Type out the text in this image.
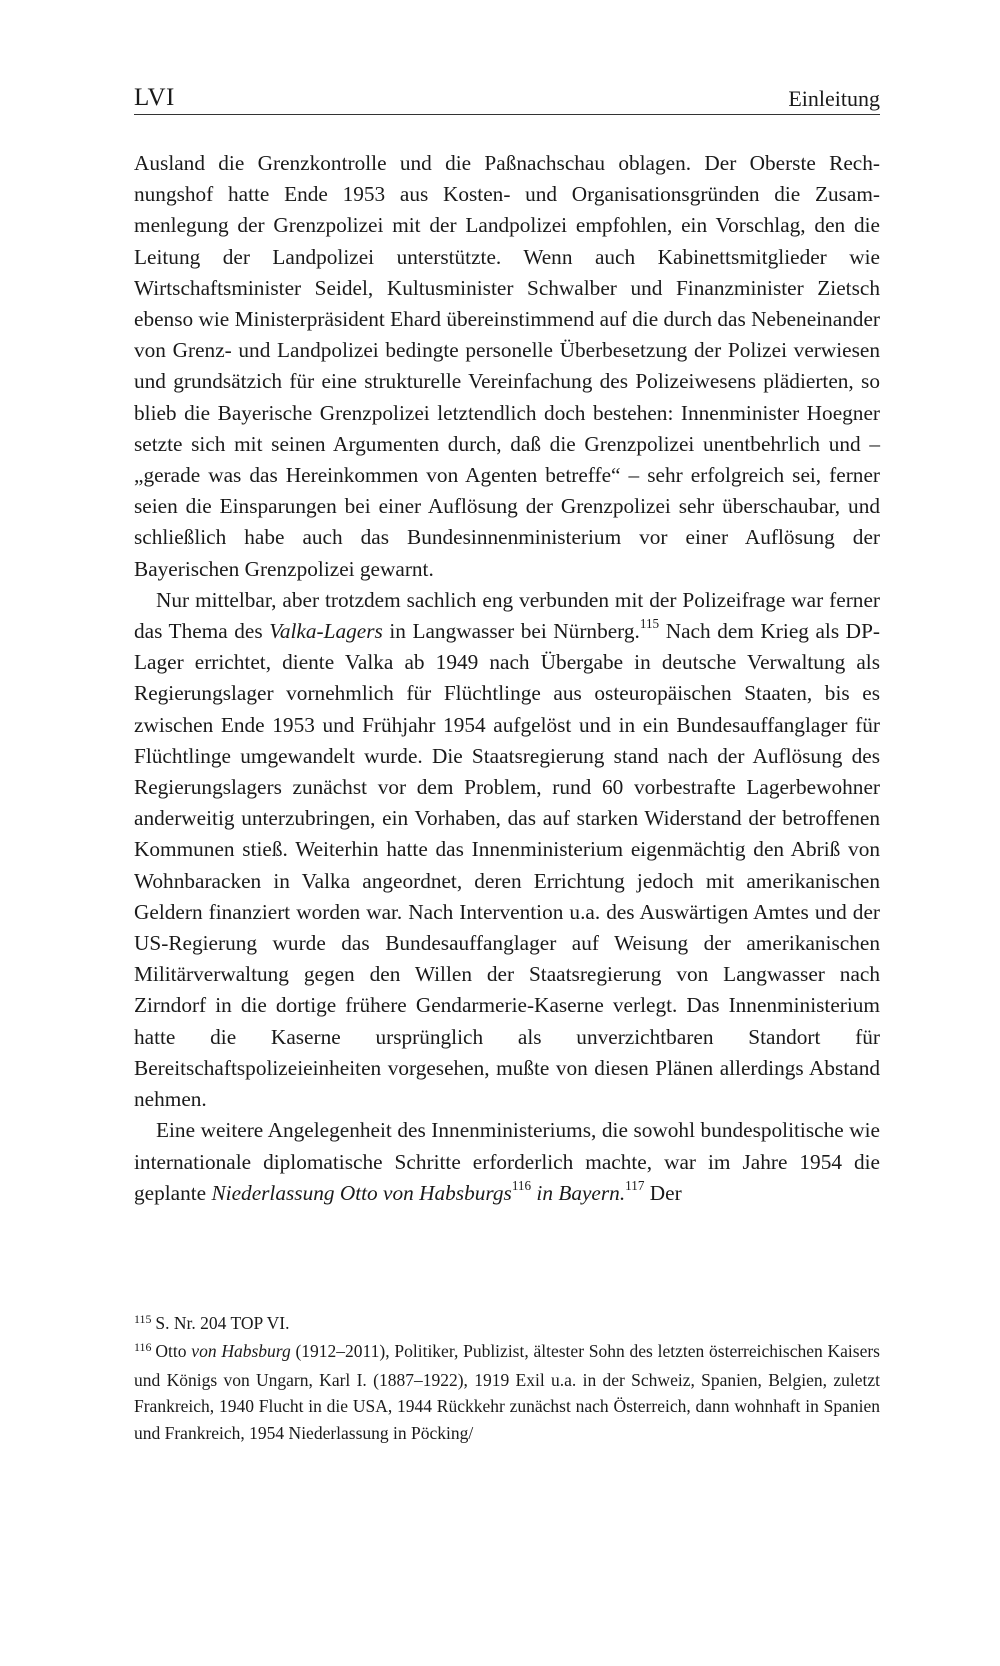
LVI	Einleitung

Ausland die Grenzkontrolle und die Paßnachschau oblagen. Der Oberste Rechnungshof hatte Ende 1953 aus Kosten- und Organisationsgründen die Zusammenlegung der Grenzpolizei mit der Landpolizei empfohlen, ein Vorschlag, den die Leitung der Landpolizei unterstützte. Wenn auch Kabinettsmitglieder wie Wirtschaftsminister Seidel, Kultusminister Schwalber und Finanzminister Zietsch ebenso wie Ministerpräsident Ehard übereinstimmend auf die durch das Nebeneinander von Grenz- und Landpolizei bedingte personelle Überbesetzung der Polizei verwiesen und grundsätzich für eine strukturelle Vereinfachung des Polizeiwesens plädierten, so blieb die Bayerische Grenzpolizei letztendlich doch bestehen: Innenminister Hoegner setzte sich mit seinen Argumenten durch, daß die Grenzpolizei unentbehrlich und – „gerade was das Hereinkommen von Agenten betreffe“ – sehr erfolgreich sei, ferner seien die Einsparungen bei einer Auflösung der Grenzpolizei sehr überschaubar, und schließlich habe auch das Bundesinnenministerium vor einer Auflösung der Bayerischen Grenzpolizei gewarnt.

Nur mittelbar, aber trotzdem sachlich eng verbunden mit der Polizeifrage war ferner das Thema des Valka-Lagers in Langwasser bei Nürnberg.$^{115}$ Nach dem Krieg als DP-Lager errichtet, diente Valka ab 1949 nach Übergabe in deutsche Verwaltung als Regierungslager vornehmlich für Flüchtlinge aus osteuropäischen Staaten, bis es zwischen Ende 1953 und Frühjahr 1954 aufgelöst und in ein Bundesauffanglager für Flüchtlinge umgewandelt wurde. Die Staatsregierung stand nach der Auflösung des Regierungslagers zunächst vor dem Problem, rund 60 vorbestrafte Lagerbewohner anderweitig unterzubringen, ein Vorhaben, das auf starken Widerstand der betroffenen Kommunen stieß. Weiterhin hatte das Innenministerium eigenmächtig den Abriß von Wohnbaracken in Valka angeordnet, deren Errichtung jedoch mit amerikanischen Geldern finanziert worden war. Nach Intervention u.a. des Auswärtigen Amtes und der US-Regierung wurde das Bundesauffanglager auf Weisung der amerikanischen Militärverwaltung gegen den Willen der Staatsregierung von Langwasser nach Zirndorf in die dortige frühere Gendarmerie-Kaserne verlegt. Das Innenministerium hatte die Kaserne ursprünglich als unverzichtbaren Standort für Bereitschaftspolizeieinheiten vorgesehen, mußte von diesen Plänen allerdings Abstand nehmen.

Eine weitere Angelegenheit des Innenministeriums, die sowohl bundespolitische wie internationale diplomatische Schritte erforderlich machte, war im Jahre 1954 die geplante Niederlassung Otto von Habsburgs$^{116}$ in Bayern.$^{117}$ Der

$^{115}$ S. Nr. 204 TOP VI.

$^{116}$ Otto von Habsburg (1912–2011), Politiker, Publizist, ältester Sohn des letzten österreichischen Kaisers und Königs von Ungarn, Karl I. (1887–1922), 1919 Exil u.a. in der Schweiz, Spanien, Belgien, zuletzt Frankreich, 1940 Flucht in die USA, 1944 Rückkehr zunächst nach Österreich, dann wohnhaft in Spanien und Frankreich, 1954 Niederlassung in Pöcking/
